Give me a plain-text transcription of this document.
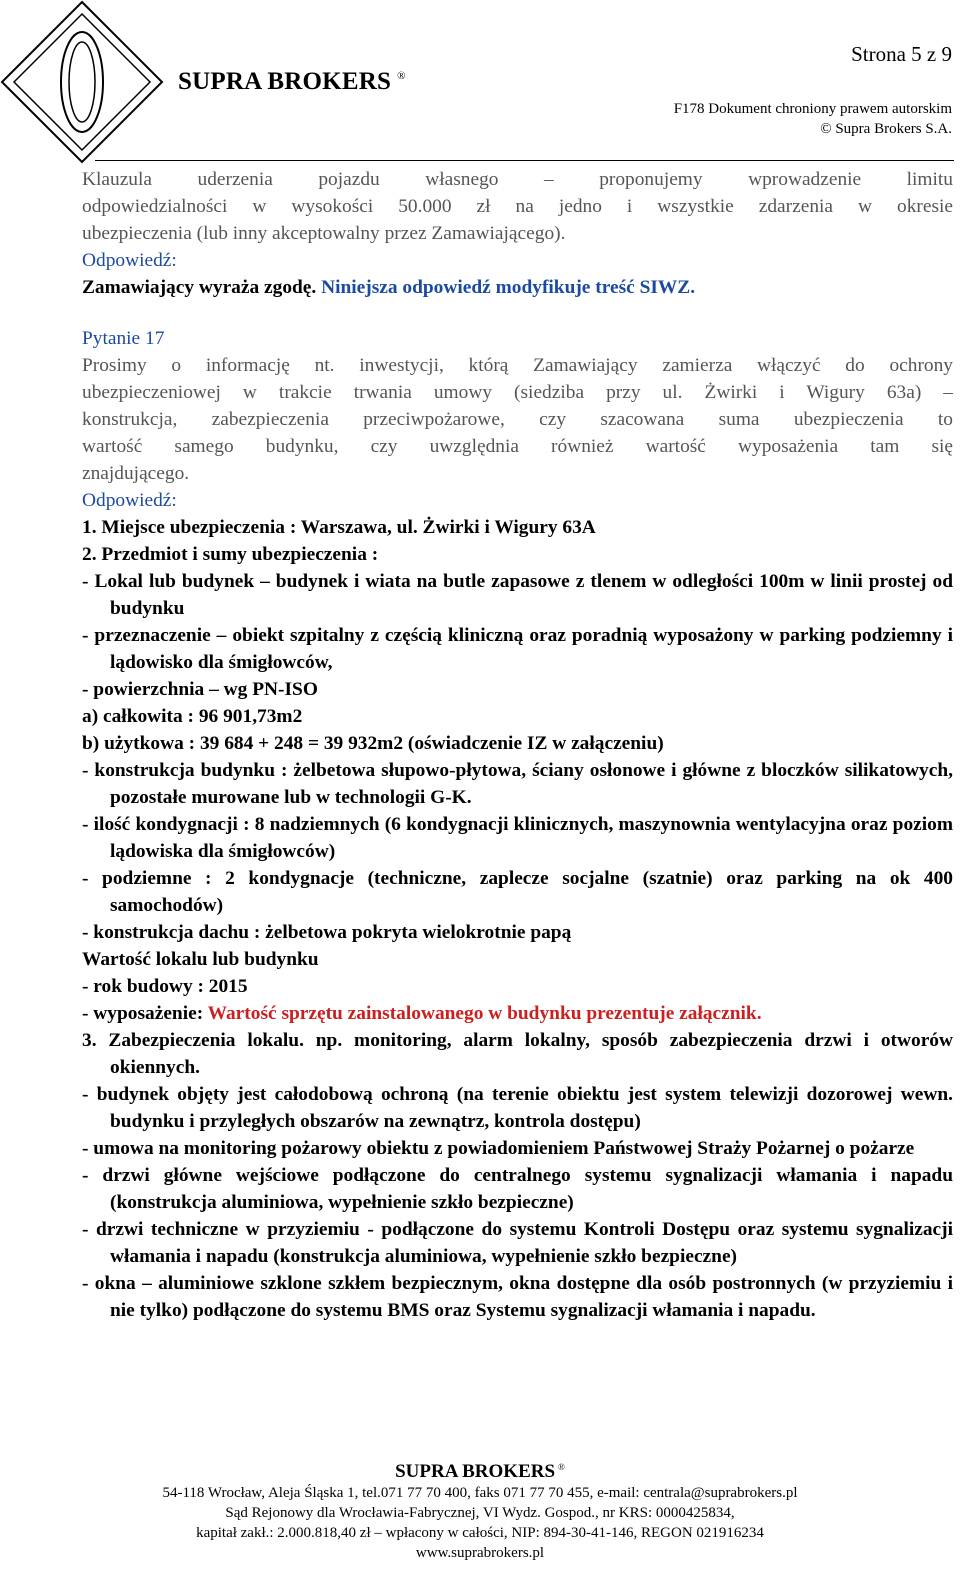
SUPRA BROKERS ®
Strona 5 z 9
F178 Dokument chroniony prawem autorskim
© Supra Brokers S.A.

Klauzula uderzenia pojazdu własnego – proponujemy wprowadzenie limitu

odpowiedzialności w wysokości 50.000 zł na jedno i wszystkie zdarzenia w okresie

ubezpieczenia (lub inny akceptowalny przez Zamawiającego).

Odpowiedź:

Zamawiający wyraża zgodę. Niniejsza odpowiedź modyfikuje treść SIWZ.

Pytanie 17

Prosimy o informację nt. inwestycji, którą Zamawiający zamierza włączyć do ochrony

ubezpieczeniowej w trakcie trwania umowy (siedziba przy ul. Żwirki i Wigury 63a) –

konstrukcja, zabezpieczenia przeciwpożarowe, czy szacowana suma ubezpieczenia to

wartość samego budynku, czy uwzględnia również wartość wyposażenia tam się

znajdującego.

Odpowiedź:

1. Miejsce ubezpieczenia : Warszawa, ul. Żwirki i Wigury 63A

2. Przedmiot i sumy ubezpieczenia :

- Lokal lub budynek – budynek i wiata na butle zapasowe z tlenem w odległości 100m w linii prostej od budynku

- przeznaczenie – obiekt szpitalny z częścią kliniczną oraz poradnią wyposażony w parking podziemny i lądowisko dla śmigłowców,

- powierzchnia – wg PN-ISO

a) całkowita : 96 901,73m2

b) użytkowa : 39 684 + 248 = 39 932m2 (oświadczenie IZ w załączeniu)

- konstrukcja budynku : żelbetowa słupowo-płytowa, ściany osłonowe i główne z bloczków silikatowych, pozostałe murowane lub w technologii G-K.

- ilość kondygnacji : 8 nadziemnych (6 kondygnacji klinicznych, maszynownia wentylacyjna oraz poziom lądowiska dla śmigłowców)

- podziemne : 2 kondygnacje (techniczne, zaplecze socjalne (szatnie) oraz parking na ok 400 samochodów)

- konstrukcja dachu : żelbetowa pokryta wielokrotnie papą

Wartość lokalu lub budynku

- rok budowy : 2015

- wyposażenie: Wartość sprzętu zainstalowanego w budynku prezentuje załącznik.

3. Zabezpieczenia lokalu. np. monitoring, alarm lokalny, sposób zabezpieczenia drzwi i otworów okiennych.

- budynek objęty jest całodobową ochroną (na terenie obiektu jest system telewizji dozorowej wewn. budynku i przyległych obszarów na zewnątrz, kontrola dostępu)

- umowa na monitoring pożarowy obiektu z powiadomieniem Państwowej Straży Pożarnej o pożarze

- drzwi główne wejściowe podłączone do centralnego systemu sygnalizacji włamania i napadu (konstrukcja aluminiowa, wypełnienie szkło bezpieczne)

- drzwi techniczne w przyziemiu - podłączone do systemu Kontroli Dostępu oraz systemu sygnalizacji włamania i napadu (konstrukcja aluminiowa, wypełnienie szkło bezpieczne)

- okna – aluminiowe szklone szkłem bezpiecznym, okna dostępne dla osób postronnych (w przyziemiu i nie tylko) podłączone do systemu BMS oraz Systemu sygnalizacji włamania i napadu.

SUPRA BROKERS ®
54-118 Wrocław, Aleja Śląska 1, tel.071 77 70 400, faks 071 77 70 455, e-mail: centrala@suprabrokers.pl
Sąd Rejonowy dla Wrocławia-Fabrycznej, VI Wydz. Gospod., nr KRS: 0000425834,
kapitał zakł.: 2.000.818,40 zł – wpłacony w całości, NIP: 894-30-41-146, REGON 021916234
www.suprabrokers.pl
